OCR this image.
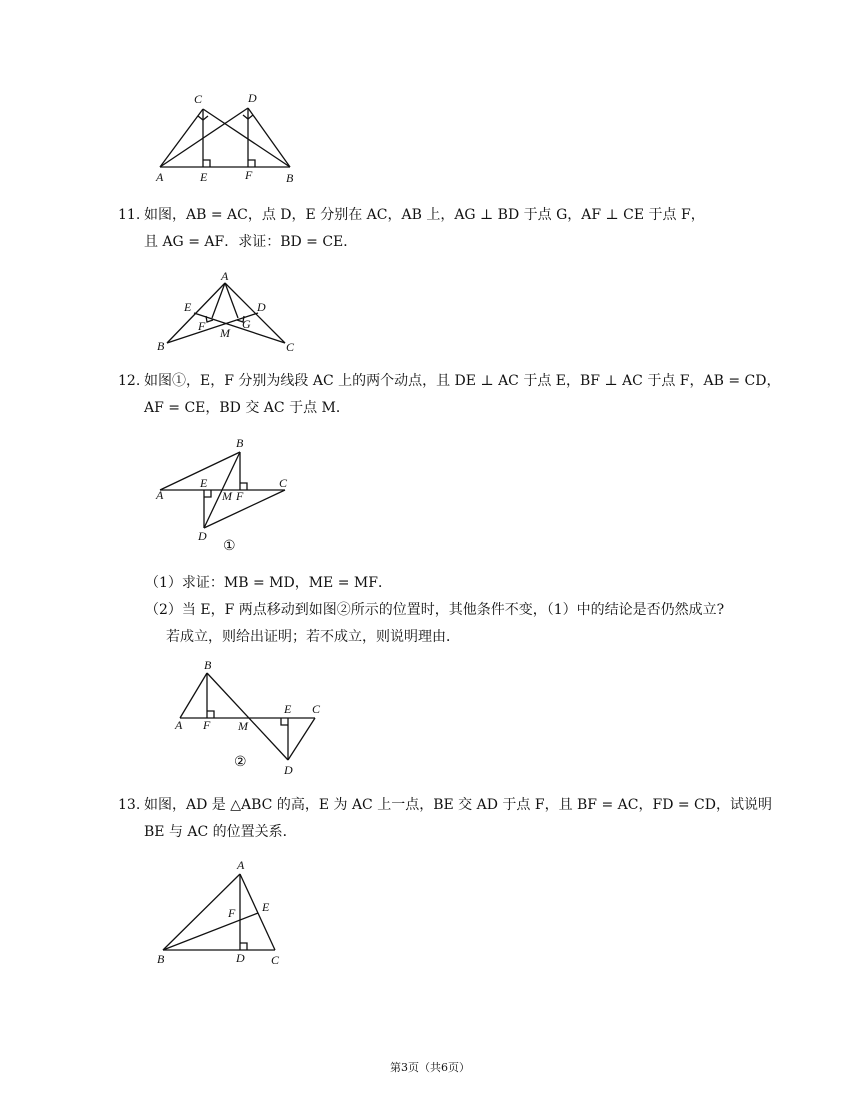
C	D
A	E	F	B
11. 如图，AB = AC，点 D，E 分别在 AC，AB 上，AG ⊥ BD 于点 G，AF ⊥ CE 于点 F，
且 AG = AF．求证：BD = CE．
A
E	D
F	G
M
B	C
12. 如图①，E，F 分别为线段 AC 上的两个动点，且 DE ⊥ AC 于点 E，BF ⊥ AC 于点 F，AB = CD，
AF = CE，BD 交 AC 于点 M．
B
A
E
M F
C
D
①
（1）求证：MB = MD，ME = MF．
（2）当 E，F 两点移动到如图②所示的位置时，其他条件不变，（1）中的结论是否仍然成立?
若成立，则给出证明；若不成立，则说明理由．
B
A F M
E C
D
②
13. 如图，AD 是 △ABC 的高，E 为 AC 上一点，BE 交 AD 于点 F，且 BF = AC，FD = CD，试说明
BE 与 AC 的位置关系．
A
F E
B	D C
第3页（共6页）
